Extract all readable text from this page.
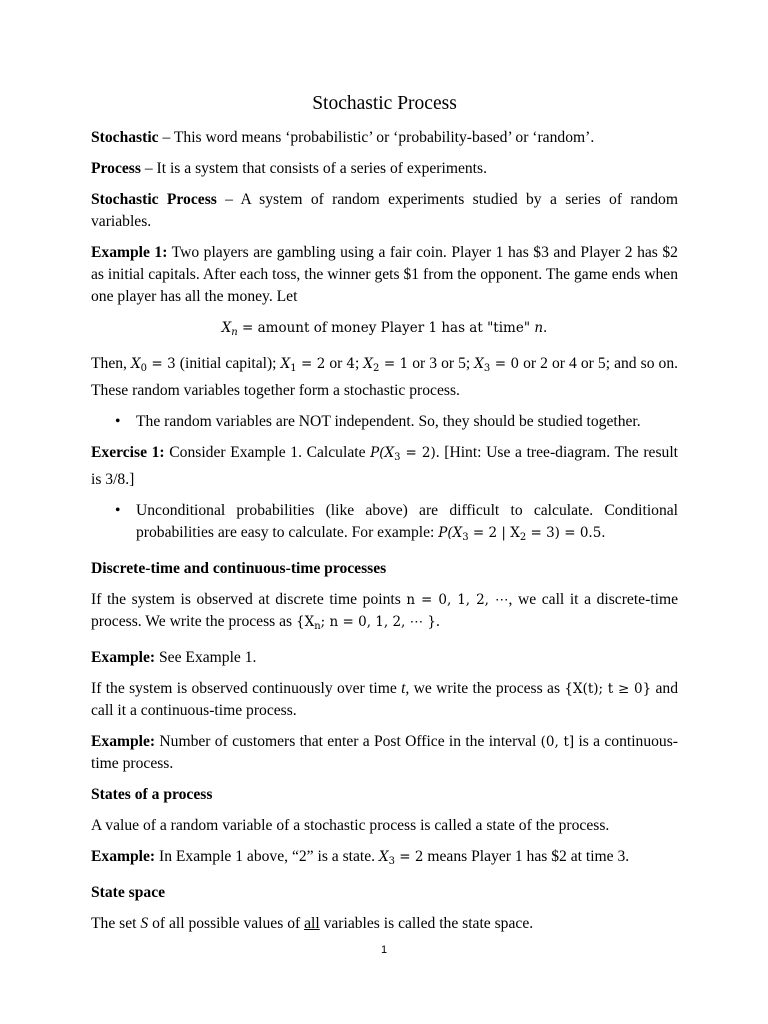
Stochastic Process

Stochastic – This word means ‘probabilistic’ or ‘probability-based’ or ‘random’.

Process – It is a system that consists of a series of experiments.

Stochastic Process – A system of random experiments studied by a series of random variables.

Example 1: Two players are gambling using a fair coin. Player 1 has $3 and Player 2 has $2 as initial capitals. After each toss, the winner gets $1 from the opponent. The game ends when one player has all the money. Let

$X_n$ = amount of money Player 1 has at "time" n.

Then, $X_0 = 3$ (initial capital); $X_1 = 2$ or 4; $X_2 = 1$ or 3 or 5; $X_3 = 0$ or 2 or 4 or 5; and so on. These random variables together form a stochastic process.

• The random variables are NOT independent. So, they should be studied together.

Exercise 1: Consider Example 1. Calculate $P(X_3 = 2)$. [Hint: Use a tree-diagram. The result is 3/8.]

• Unconditional probabilities (like above) are difficult to calculate. Conditional probabilities are easy to calculate. For example: $P(X_3 = 2$ | $X_2 = 3) = 0.5$.
Discrete-time and continuous-time processes

If the system is observed at discrete time points n = 0, 1, 2, ⋯, we call it a discrete-time process. We write the process as {$X_n$; n = 0, 1, 2, ⋯ }.

Example: See Example 1.

If the system is observed continuously over time t, we write the process as {X(t); t ≥ 0} and call it a continuous-time process.

Example: Number of customers that enter a Post Office in the interval (0, t] is a continuous-time process.

States of a process

A value of a random variable of a stochastic process is called a state of the process.

Example: In Example 1 above, “2” is a state. $X_3 = 2$ means Player 1 has $2 at time 3.

State space

The set S of all possible values of all variables is called the state space.

1
